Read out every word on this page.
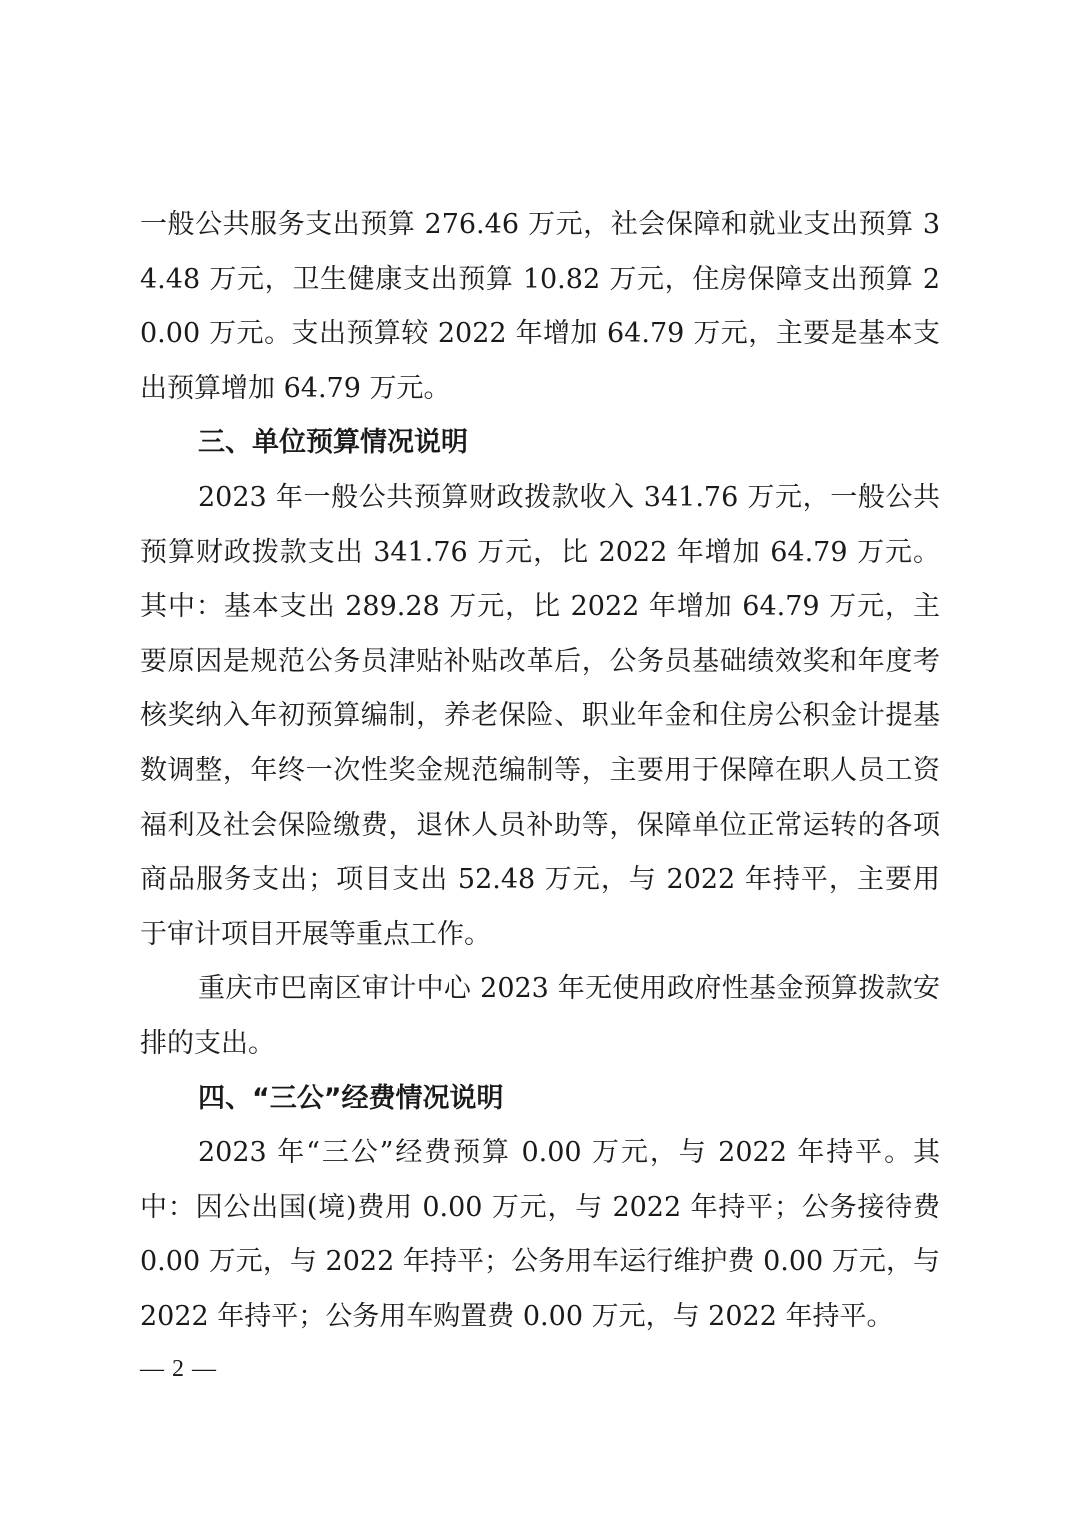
一般公共服务支出预算 276.46 万元，社会保障和就业支出预算 34.48 万元，卫生健康支出预算 10.82 万元，住房保障支出预算 20.00 万元。支出预算较 2022 年增加 64.79 万元，主要是基本支出预算增加 64.79 万元。

三、单位预算情况说明

2023 年一般公共预算财政拨款收入 341.76 万元，一般公共预算财政拨款支出 341.76 万元，比 2022 年增加 64.79 万元。其中：基本支出 289.28 万元，比 2022 年增加 64.79 万元，主要原因是规范公务员津贴补贴改革后，公务员基础绩效奖和年度考核奖纳入年初预算编制，养老保险、职业年金和住房公积金计提基数调整，年终一次性奖金规范编制等，主要用于保障在职人员工资福利及社会保险缴费，退休人员补助等，保障单位正常运转的各项商品服务支出；项目支出 52.48 万元，与 2022 年持平，主要用于审计项目开展等重点工作。

重庆市巴南区审计中心 2023 年无使用政府性基金预算拨款安排的支出。

四、“三公”经费情况说明

2023 年“三公”经费预算 0.00 万元，与 2022 年持平。其中：因公出国(境)费用 0.00 万元，与 2022 年持平；公务接待费 0.00 万元，与 2022 年持平；公务用车运行维护费 0.00 万元，与 2022 年持平；公务用车购置费 0.00 万元，与 2022 年持平。

— 2 —
